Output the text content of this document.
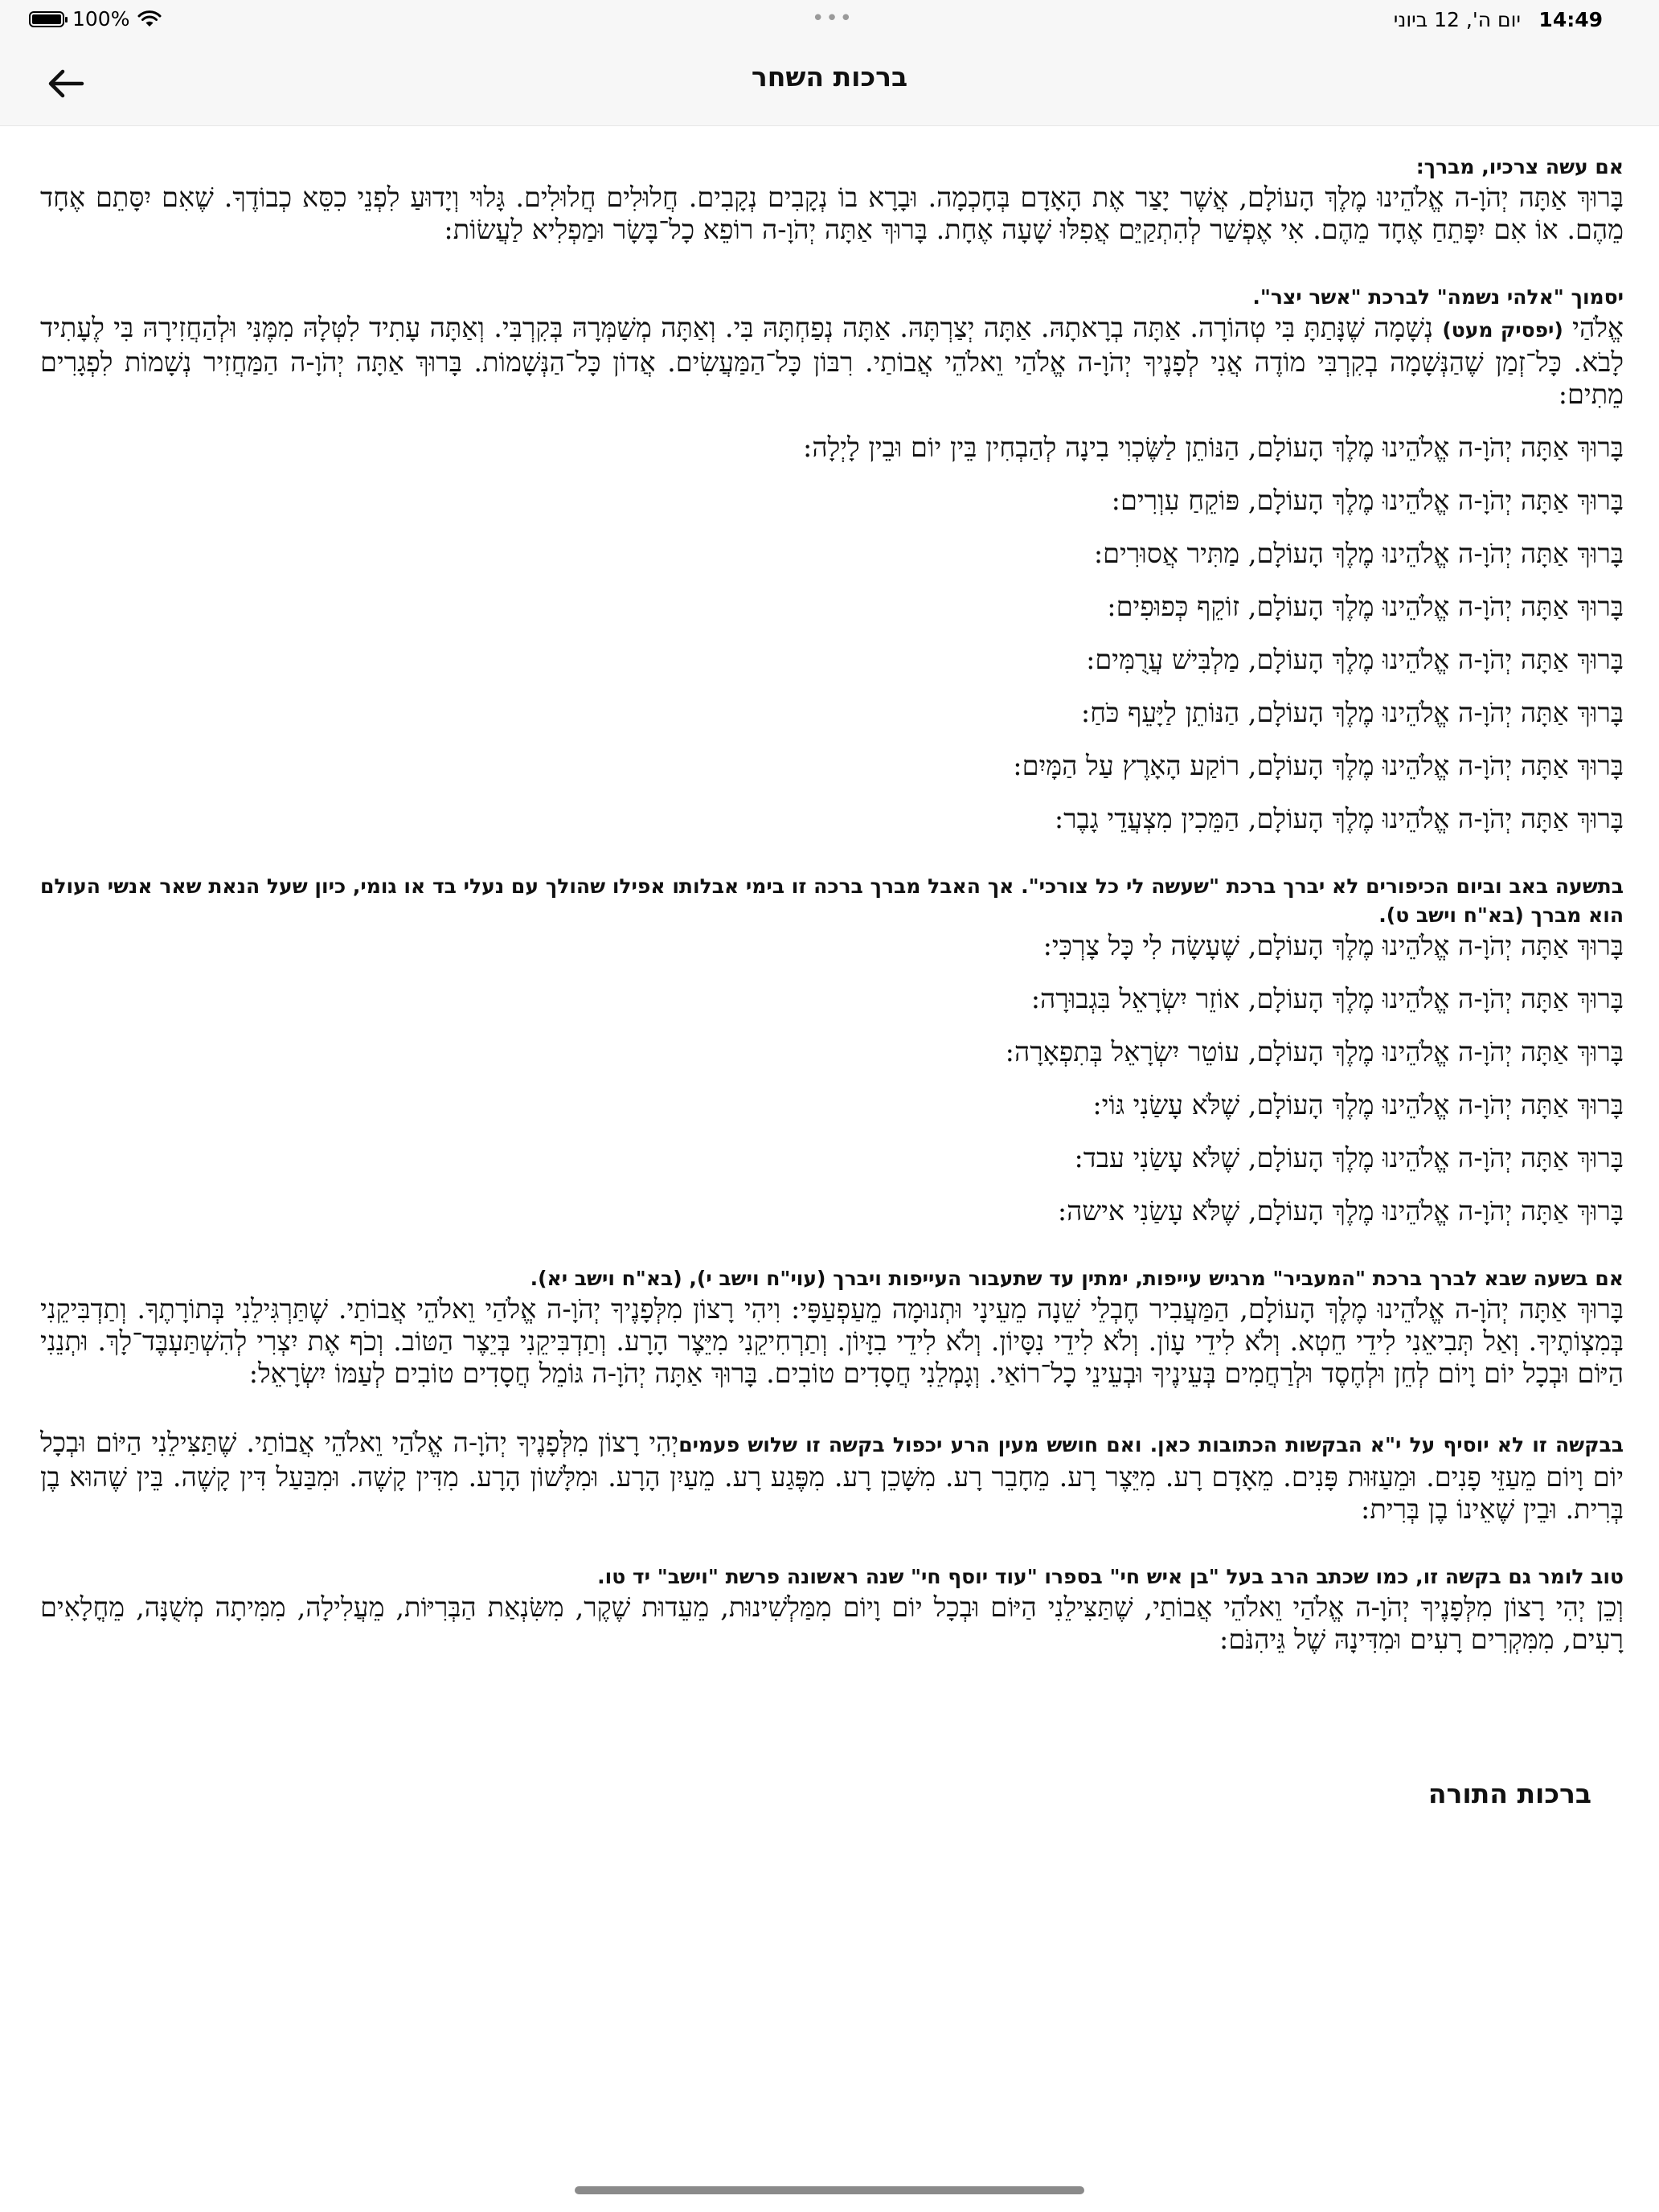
100%	•••	יום ה', 12 ביוני 14:49
ברכות השחר
אם עשה צרכיו, מברך:
בָּרוּךְ אַתָּה יְהֹוָ-ה אֱלֹהֵינוּ מֶלֶךְ הָעוֹלָם, אֲשֶׁר יָצַר אֶת הָאָדָם בְּחָכְמָה. וּבָרָא בוֹ נְקָבִים נְקָבִים. חֲלוּלִים חֲלוּלִים. גָּלוּי וְיָדוּעַ לִפְנֵי כִסֵּא כְבוֹדֶךָ. שֶׁאִם יִסָּתֵם אֶחָד מֵהֶם. אוֹ אִם יִפָּתֵחַ אֶחָד מֵהֶם. אִי אֶפְשַׁר לְהִתְקַיֵּם אֲפִלּוּ שָׁעָה אֶחָת. בָּרוּךְ אַתָּה יְהֹוָ-ה רוֹפֵא כָל־בָּשָׂר וּמַפְלִיא לַעֲשׂוֹת:
יסמוך "אלהי נשמה" לברכת "אשר יצר".
אֱלֹהַי (יפסיק מעט) נְשָׁמָה שֶׁנָּתַתָּ בִּי טְהוֹרָה. אַתָּה בְרָאתָהּ. אַתָּה יְצַרְתָּהּ. אַתָּה נְפַחְתָּהּ בִּי. וְאַתָּה מְשַׁמְּרָהּ בְּקִרְבִּי. וְאַתָּה עָתִיד לִטְּלָהּ מִמֶּנִּי וּלְהַחֲזִירָהּ בִּי לֶעָתִיד לָבֹא. כָּל־זְמַן שֶׁהַנְּשָׁמָה בְקִרְבִּי מוֹדֶה אֲנִי לְפָנֶיךָ יְהֹוָ-ה אֱלֹהַי וֵאלֹהֵי אֲבוֹתַי. רִבּוֹן כָּל־הַמַּעֲשִׂים. אֲדוֹן כָּל־הַנְּשָׁמוֹת. בָּרוּךְ אַתָּה יְהֹוָ-ה הַמַּחֲזִיר נְשָׁמוֹת לִפְגָרִים מֵתִים:
בָּרוּךְ אַתָּה יְהֹוָ-ה אֱלֹהֵינוּ מֶלֶךְ הָעוֹלָם, הַנּוֹתֵן לַשֶּׂכְוִי בִינָה לְהַבְחִין בֵּין יוֹם וּבֵין לָיְלָה:
בָּרוּךְ אַתָּה יְהֹוָ-ה אֱלֹהֵינוּ מֶלֶךְ הָעוֹלָם, פּוֹקֵחַ עִוְרִים:
בָּרוּךְ אַתָּה יְהֹוָ-ה אֱלֹהֵינוּ מֶלֶךְ הָעוֹלָם, מַתִּיר אֲסוּרִים:
בָּרוּךְ אַתָּה יְהֹוָ-ה אֱלֹהֵינוּ מֶלֶךְ הָעוֹלָם, זוֹקֵף כְּפוּפִים:
בָּרוּךְ אַתָּה יְהֹוָ-ה אֱלֹהֵינוּ מֶלֶךְ הָעוֹלָם, מַלְבִּישׁ עֲרֻמִּים:
בָּרוּךְ אַתָּה יְהֹוָ-ה אֱלֹהֵינוּ מֶלֶךְ הָעוֹלָם, הַנּוֹתֵן לַיָּעֵף כֹּחַ:
בָּרוּךְ אַתָּה יְהֹוָ-ה אֱלֹהֵינוּ מֶלֶךְ הָעוֹלָם, רוֹקַע הָאָרֶץ עַל הַמָּיִם:
בָּרוּךְ אַתָּה יְהֹוָ-ה אֱלֹהֵינוּ מֶלֶךְ הָעוֹלָם, הַמֵּכִין מִצְעֲדֵי גָבֶר:
בתשעה באב וביום הכיפורים לא יברך ברכת "שעשה לי כל צורכי". אך האבל מברך ברכה זו בימי אבלותו אפילו שהולך עם נעלי בד או גומי, כיון שעל הנאת שאר אנשי העולם הוא מברך (בא"ח וישב ט).
בָּרוּךְ אַתָּה יְהֹוָ-ה אֱלֹהֵינוּ מֶלֶךְ הָעוֹלָם, שֶׁעָשָׂה לִי כָּל צָרְכִּי:
בָּרוּךְ אַתָּה יְהֹוָ-ה אֱלֹהֵינוּ מֶלֶךְ הָעוֹלָם, אוֹזֵר יִשְׂרָאֵל בִּגְבוּרָה:
בָּרוּךְ אַתָּה יְהֹוָ-ה אֱלֹהֵינוּ מֶלֶךְ הָעוֹלָם, עוֹטֵר יִשְׂרָאֵל בְּתִפְאָרָה:
בָּרוּךְ אַתָּה יְהֹוָ-ה אֱלֹהֵינוּ מֶלֶךְ הָעוֹלָם, שֶׁלֹּא עָשַׂנִי גּוֹי:
בָּרוּךְ אַתָּה יְהֹוָ-ה אֱלֹהֵינוּ מֶלֶךְ הָעוֹלָם, שֶׁלֹּא עָשַׂנִי עבד:
בָּרוּךְ אַתָּה יְהֹוָ-ה אֱלֹהֵינוּ מֶלֶךְ הָעוֹלָם, שֶׁלֹּא עָשַׂנִי אישה:
אם בשעה שבא לברך ברכת "המעביר" מרגיש עייפות, ימתין עד שתעבור העייפות ויברך (עוי"ח וישב י), (בא"ח וישב יא).
בָּרוּךְ אַתָּה יְהֹוָ-ה אֱלֹהֵינוּ מֶלֶךְ הָעוֹלָם, הַמַּעֲבִיר חֶבְלֵי שֵׁנָה מֵעֵינָי וּתְנוּמָה מֵעַפְעַפָּי: וִיהִי רָצוֹן מִלְּפָנֶיךָ יְהֹוָ-ה אֱלֹהַי וֵאלֹהֵי אֲבוֹתַי. שֶׁתַּרְגִּילֵנִי בְּתוֹרָתֶךָ. וְתַדְבִּיקֵנִי בְּמִצְוֹתֶיךָ. וְאַל תְּבִיאֵנִי לִידֵי חֵטְא. וְלֹא לִידֵי עָוֹן. וְלֹא לִידֵי נִסָּיוֹן. וְלֹא לִידֵי בִזָּיוֹן. וְתַרְחִיקֵנִי מִיֵּצֶר הָרָע. וְתַדְבִּיקֵנִי בְּיֵצֶר הַטּוֹב. וְכֹף אֶת יִצְרִי לְהִשְׁתַּעְבֶּד־לָךְ. וּתְנֵנִי הַיּוֹם וּבְכָל יוֹם וָיוֹם לְחֵן וּלְחֶסֶד וּלְרַחֲמִים בְּעֵינֶיךָ וּבְעֵינֵי כָל־רוֹאַי. וְגָמְלֵנִי חֲסָדִים טוֹבִים. בָּרוּךְ אַתָּה יְהֹוָ-ה גּוֹמֵל חֲסָדִים טוֹבִים לְעַמּוֹ יִשְׂרָאֵל:
בבקשה זו לא יוסיף על י"א הבקשות הכתובות כאן. ואם חושש מעין הרע יכפול בקשה זו שלוש פעמיםיְהִי רָצוֹן מִלְּפָנֶיךָ יְהֹוָ-ה אֱלֹהַי וֵאלֹהֵי אֲבוֹתַי. שֶׁתַּצִּילֵנִי הַיּוֹם וּבְכָל יוֹם וָיוֹם מֵעַזֵּי פָנִים. וּמֵעַזּוּת פָּנִים. מֵאָדָם רָע. מִיֵּצֶר רָע. מֵחָבֵר רָע. מִשָּׁכֵן רָע. מִפֶּגַע רָע. מֵעַיִן הָרָע. וּמִלָּשׁוֹן הָרָע. מִדִּין קָשֶׁה. וּמִבַּעַל דִּין קָשֶׁה. בֵּין שֶׁהוּא בֶן בְּרִית. וּבֵין שֶׁאֵינוֹ בֶן בְּרִית:
טוב לומר גם בקשה זו, כמו שכתב הרב בעל "בן איש חי" בספרו "עוד יוסף חי" שנה ראשונה פרשת "וישב" יד טו.
וְכֵן יְהִי רָצוֹן מִלְּפָנֶיךָ יְהֹוָ-ה אֱלֹהַי וֵאלֹהֵי אֲבוֹתַי, שֶׁתַּצִּילֵנִי הַיּוֹם וּבְכָל יוֹם וָיוֹם מִמַּלְשִׁינוּת, מֵעֵדוּת שֶׁקֶר, מִשִּׂנְאַת הַבְּרִיּוֹת, מֵעֲלִילָה, מִמִּיתָה מְשֻׁנָּה, מֵחֳלָאִים רָעִים, מִמִּקְרִים רָעִים וּמִדִּינָהּ שֶׁל גֵּיהִנֹּם:
ברכות התורה
